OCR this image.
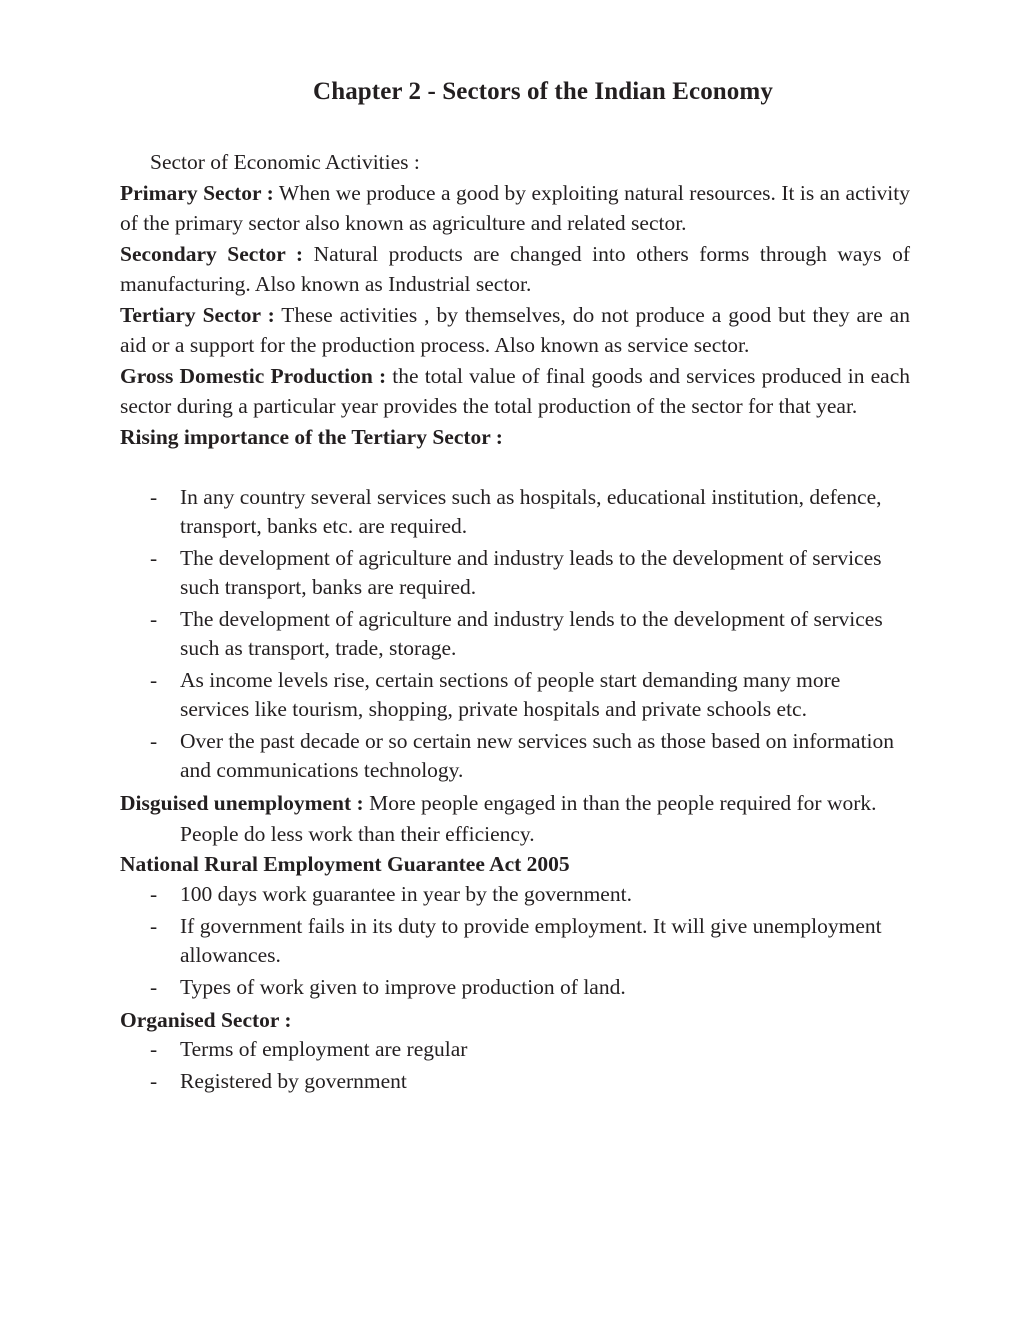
Chapter 2 - Sectors of the Indian Economy

Sector of Economic Activities :

Primary Sector : When we produce a good by exploiting natural resources. It is an activity of the primary sector also known as agriculture and related sector.

Secondary Sector : Natural products are changed into others forms through ways of manufacturing. Also known as Industrial sector.

Tertiary Sector : These activities , by themselves, do not produce a good but they are an aid or a support for the production process. Also known as service sector.

Gross Domestic Production : the total value of final goods and services produced in each sector during a particular year provides the total production of the sector for that year.

Rising importance of the Tertiary Sector :

- In any country several services such as hospitals, educational institution, defence, transport, banks etc. are required.
- The development of agriculture and industry leads to the development of services such transport, banks are required.
- The development of agriculture and industry lends to the development of services such as transport, trade, storage.
- As income levels rise, certain sections of people start demanding many more services like tourism, shopping, private hospitals and private schools etc.
- Over the past decade or so certain new services such as those based on information and communications technology.

Disguised unemployment : More people engaged in than the people required for work. People do less work than their efficiency.

National Rural Employment Guarantee Act 2005

- 100 days work guarantee in year by the government.
- If government fails in its duty to provide employment. It will give unemployment allowances.
- Types of work given to improve production of land.

Organised Sector :

- Terms of employment are regular
- Registered by government
